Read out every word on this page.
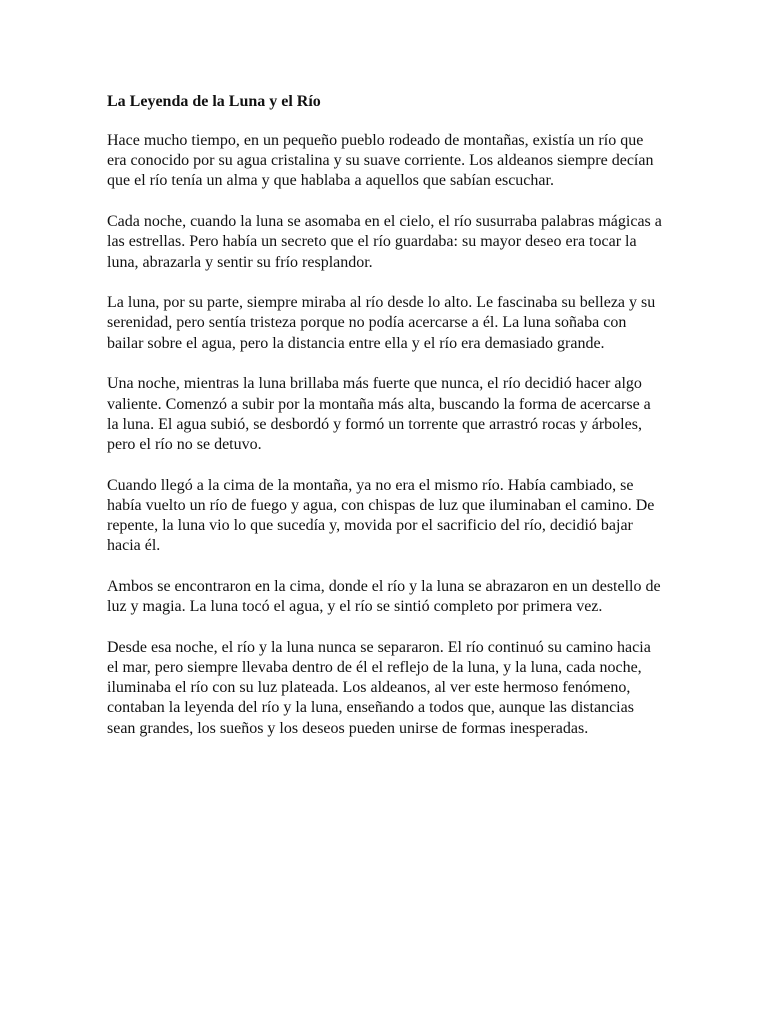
La Leyenda de la Luna y el Río

Hace mucho tiempo, en un pequeño pueblo rodeado de montañas, existía un río que era conocido por su agua cristalina y su suave corriente. Los aldeanos siempre decían que el río tenía un alma y que hablaba a aquellos que sabían escuchar.

Cada noche, cuando la luna se asomaba en el cielo, el río susurraba palabras mágicas a las estrellas. Pero había un secreto que el río guardaba: su mayor deseo era tocar la luna, abrazarla y sentir su frío resplandor.

La luna, por su parte, siempre miraba al río desde lo alto. Le fascinaba su belleza y su serenidad, pero sentía tristeza porque no podía acercarse a él. La luna soñaba con bailar sobre el agua, pero la distancia entre ella y el río era demasiado grande.

Una noche, mientras la luna brillaba más fuerte que nunca, el río decidió hacer algo valiente. Comenzó a subir por la montaña más alta, buscando la forma de acercarse a la luna. El agua subió, se desbordó y formó un torrente que arrastró rocas y árboles, pero el río no se detuvo.

Cuando llegó a la cima de la montaña, ya no era el mismo río. Había cambiado, se había vuelto un río de fuego y agua, con chispas de luz que iluminaban el camino. De repente, la luna vio lo que sucedía y, movida por el sacrificio del río, decidió bajar hacia él.

Ambos se encontraron en la cima, donde el río y la luna se abrazaron en un destello de luz y magia. La luna tocó el agua, y el río se sintió completo por primera vez.

Desde esa noche, el río y la luna nunca se separaron. El río continuó su camino hacia el mar, pero siempre llevaba dentro de él el reflejo de la luna, y la luna, cada noche, iluminaba el río con su luz plateada. Los aldeanos, al ver este hermoso fenómeno, contaban la leyenda del río y la luna, enseñando a todos que, aunque las distancias sean grandes, los sueños y los deseos pueden unirse de formas inesperadas.
